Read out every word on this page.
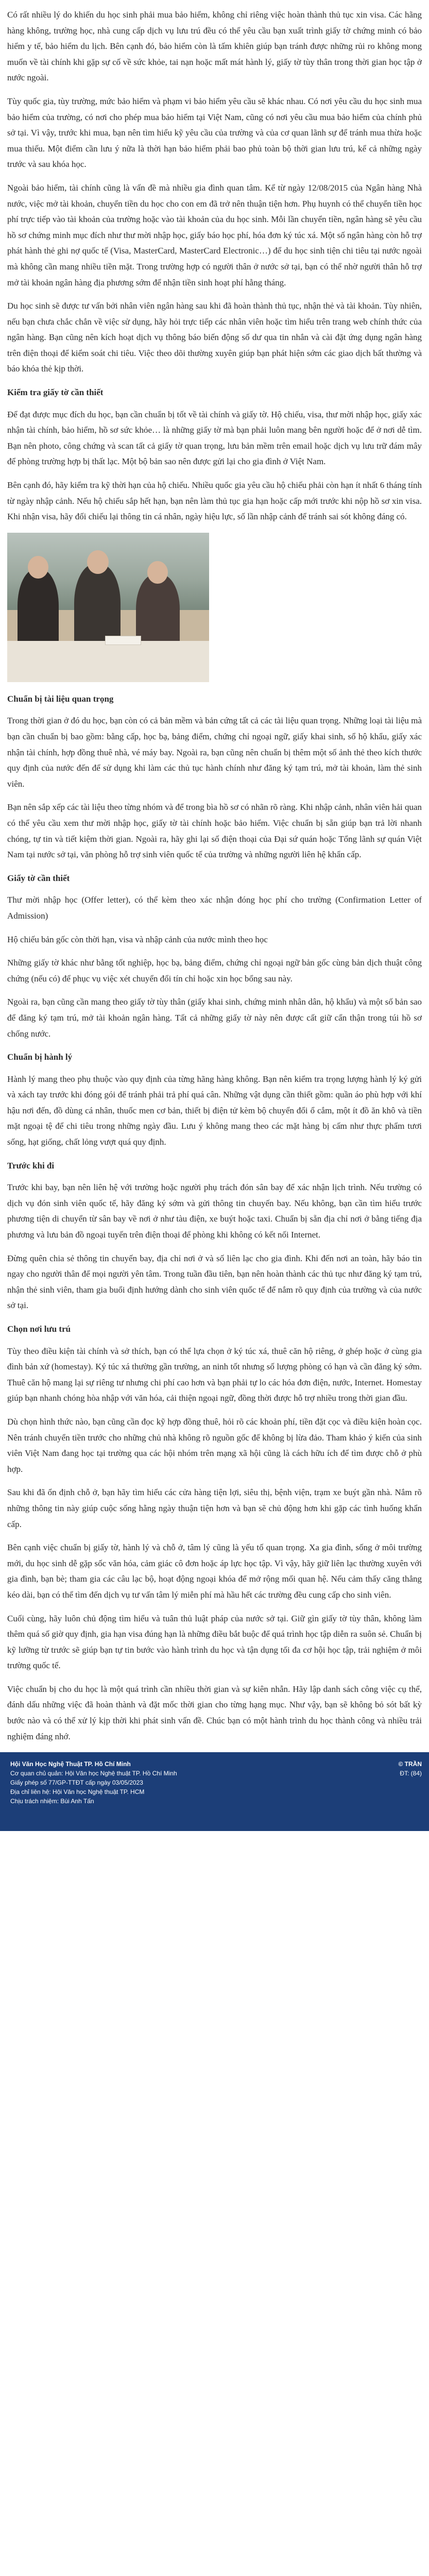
Có rất nhiều lý do khiến du học sinh phải mua bảo hiểm, không chỉ riêng việc hoàn thành thủ tục xin visa. Các hãng hàng không, trường học, nhà cung cấp dịch vụ lưu trú đều có thể yêu cầu bạn xuất trình giấy tờ chứng minh có bảo hiểm y tế, bảo hiểm du lịch. Bên cạnh đó, bảo hiểm còn là tấm khiên giúp bạn tránh được những rủi ro không mong muốn về tài chính khi gặp sự cố về sức khỏe, tai nạn hoặc mất mát hành lý, giấy tờ tùy thân trong thời gian học tập ở nước ngoài.

Tùy quốc gia, tùy trường, mức bảo hiểm và phạm vi bảo hiểm yêu cầu sẽ khác nhau. Có nơi yêu cầu du học sinh mua bảo hiểm của trường, có nơi cho phép mua bảo hiểm tại Việt Nam, cũng có nơi yêu cầu mua bảo hiểm của chính phủ sở tại. Vì vậy, trước khi mua, bạn nên tìm hiểu kỹ yêu cầu của trường và của cơ quan lãnh sự để tránh mua thừa hoặc mua thiếu. Một điểm cần lưu ý nữa là thời hạn bảo hiểm phải bao phủ toàn bộ thời gian lưu trú, kể cả những ngày trước và sau khóa học.

Ngoài bảo hiểm, tài chính cũng là vấn đề mà nhiều gia đình quan tâm. Kể từ ngày 12/08/2015 của Ngân hàng Nhà nước, việc mở tài khoản, chuyển tiền du học cho con em đã trở nên thuận tiện hơn. Phụ huynh có thể chuyển tiền học phí trực tiếp vào tài khoản của trường hoặc vào tài khoản của du học sinh. Mỗi lần chuyển tiền, ngân hàng sẽ yêu cầu hồ sơ chứng minh mục đích như thư mời nhập học, giấy báo học phí, hóa đơn ký túc xá. Một số ngân hàng còn hỗ trợ phát hành thẻ ghi nợ quốc tế (Visa, MasterCard, MasterCard Electronic…) để du học sinh tiện chi tiêu tại nước ngoài mà không cần mang nhiều tiền mặt. Trong trường hợp có người thân ở nước sở tại, bạn có thể nhờ người thân hỗ trợ mở tài khoản ngân hàng địa phương sớm để nhận tiền sinh hoạt phí hằng tháng.

Du học sinh sẽ được tư vấn bởi nhân viên ngân hàng sau khi đã hoàn thành thủ tục, nhận thẻ và tài khoản. Tùy nhiên, nếu bạn chưa chắc chắn về việc sử dụng, hãy hỏi trực tiếp các nhân viên hoặc tìm hiểu trên trang web chính thức của ngân hàng. Bạn cũng nên kích hoạt dịch vụ thông báo biến động số dư qua tin nhắn và cài đặt ứng dụng ngân hàng trên điện thoại để kiểm soát chi tiêu. Việc theo dõi thường xuyên giúp bạn phát hiện sớm các giao dịch bất thường và báo khóa thẻ kịp thời.

Kiểm tra giấy tờ cần thiết

Để đạt được mục đích du học, bạn cần chuẩn bị tốt về tài chính và giấy tờ. Hộ chiếu, visa, thư mời nhập học, giấy xác nhận tài chính, bảo hiểm, hồ sơ sức khỏe… là những giấy tờ mà bạn phải luôn mang bên người hoặc để ở nơi dễ tìm. Bạn nên photo, công chứng và scan tất cả giấy tờ quan trọng, lưu bản mềm trên email hoặc dịch vụ lưu trữ đám mây để phòng trường hợp bị thất lạc. Một bộ bản sao nên được gửi lại cho gia đình ở Việt Nam.

Bên cạnh đó, hãy kiểm tra kỹ thời hạn của hộ chiếu. Nhiều quốc gia yêu cầu hộ chiếu phải còn hạn ít nhất 6 tháng tính từ ngày nhập cảnh. Nếu hộ chiếu sắp hết hạn, bạn nên làm thủ tục gia hạn hoặc cấp mới trước khi nộp hồ sơ xin visa. Khi nhận visa, hãy đối chiếu lại thông tin cá nhân, ngày hiệu lực, số lần nhập cảnh để tránh sai sót không đáng có.

Chuẩn bị tài liệu quan trọng

Trong thời gian ở đó du học, bạn còn có cả bản mềm và bản cứng tất cả các tài liệu quan trọng. Những loại tài liệu mà bạn cần chuẩn bị bao gồm: bằng cấp, học bạ, bảng điểm, chứng chỉ ngoại ngữ, giấy khai sinh, sổ hộ khẩu, giấy xác nhận tài chính, hợp đồng thuê nhà, vé máy bay. Ngoài ra, bạn cũng nên chuẩn bị thêm một số ảnh thẻ theo kích thước quy định của nước đến để sử dụng khi làm các thủ tục hành chính như đăng ký tạm trú, mở tài khoản, làm thẻ sinh viên.

Bạn nên sắp xếp các tài liệu theo từng nhóm và để trong bìa hồ sơ có nhãn rõ ràng. Khi nhập cảnh, nhân viên hải quan có thể yêu cầu xem thư mời nhập học, giấy tờ tài chính hoặc bảo hiểm. Việc chuẩn bị sẵn giúp bạn trả lời nhanh chóng, tự tin và tiết kiệm thời gian. Ngoài ra, hãy ghi lại số điện thoại của Đại sứ quán hoặc Tổng lãnh sự quán Việt Nam tại nước sở tại, văn phòng hỗ trợ sinh viên quốc tế của trường và những người liên hệ khẩn cấp.

Giấy tờ cần thiết

Thư mời nhập học (Offer letter), có thể kèm theo xác nhận đóng học phí cho trường (Confirmation Letter of Admission)

Hộ chiếu bản gốc còn thời hạn, visa và nhập cảnh của nước mình theo học

Những giấy tờ khác như bằng tốt nghiệp, học bạ, bảng điểm, chứng chỉ ngoại ngữ bản gốc cùng bản dịch thuật công chứng (nếu có) để phục vụ việc xét chuyển đổi tín chỉ hoặc xin học bổng sau này.

Ngoài ra, bạn cũng cần mang theo giấy tờ tùy thân (giấy khai sinh, chứng minh nhân dân, hộ khẩu) và một số bản sao để đăng ký tạm trú, mở tài khoản ngân hàng. Tất cả những giấy tờ này nên được cất giữ cẩn thận trong túi hồ sơ chống nước.

Chuẩn bị hành lý

Hành lý mang theo phụ thuộc vào quy định của từng hãng hàng không. Bạn nên kiểm tra trọng lượng hành lý ký gửi và xách tay trước khi đóng gói để tránh phải trả phí quá cân. Những vật dụng cần thiết gồm: quần áo phù hợp với khí hậu nơi đến, đồ dùng cá nhân, thuốc men cơ bản, thiết bị điện tử kèm bộ chuyển đổi ổ cắm, một ít đồ ăn khô và tiền mặt ngoại tệ để chi tiêu trong những ngày đầu. Lưu ý không mang theo các mặt hàng bị cấm như thực phẩm tươi sống, hạt giống, chất lỏng vượt quá quy định.

Trước khi đi

Trước khi bay, bạn nên liên hệ với trường hoặc người phụ trách đón sân bay để xác nhận lịch trình. Nếu trường có dịch vụ đón sinh viên quốc tế, hãy đăng ký sớm và gửi thông tin chuyến bay. Nếu không, bạn cần tìm hiểu trước phương tiện di chuyển từ sân bay về nơi ở như tàu điện, xe buýt hoặc taxi. Chuẩn bị sẵn địa chỉ nơi ở bằng tiếng địa phương và lưu bản đồ ngoại tuyến trên điện thoại để phòng khi không có kết nối Internet.

Đừng quên chia sẻ thông tin chuyến bay, địa chỉ nơi ở và số liên lạc cho gia đình. Khi đến nơi an toàn, hãy báo tin ngay cho người thân để mọi người yên tâm. Trong tuần đầu tiên, bạn nên hoàn thành các thủ tục như đăng ký tạm trú, nhận thẻ sinh viên, tham gia buổi định hướng dành cho sinh viên quốc tế để nắm rõ quy định của trường và của nước sở tại.

Chọn nơi lưu trú

Tùy theo điều kiện tài chính và sở thích, bạn có thể lựa chọn ở ký túc xá, thuê căn hộ riêng, ở ghép hoặc ở cùng gia đình bản xứ (homestay). Ký túc xá thường gần trường, an ninh tốt nhưng số lượng phòng có hạn và cần đăng ký sớm. Thuê căn hộ mang lại sự riêng tư nhưng chi phí cao hơn và bạn phải tự lo các hóa đơn điện, nước, Internet. Homestay giúp bạn nhanh chóng hòa nhập với văn hóa, cải thiện ngoại ngữ, đồng thời được hỗ trợ nhiều trong thời gian đầu.

Dù chọn hình thức nào, bạn cũng cần đọc kỹ hợp đồng thuê, hỏi rõ các khoản phí, tiền đặt cọc và điều kiện hoàn cọc. Nên tránh chuyển tiền trước cho những chủ nhà không rõ nguồn gốc để không bị lừa đảo. Tham khảo ý kiến của sinh viên Việt Nam đang học tại trường qua các hội nhóm trên mạng xã hội cũng là cách hữu ích để tìm được chỗ ở phù hợp.

Sau khi đã ổn định chỗ ở, bạn hãy tìm hiểu các cửa hàng tiện lợi, siêu thị, bệnh viện, trạm xe buýt gần nhà. Nắm rõ những thông tin này giúp cuộc sống hằng ngày thuận tiện hơn và bạn sẽ chủ động hơn khi gặp các tình huống khẩn cấp.

Bên cạnh việc chuẩn bị giấy tờ, hành lý và chỗ ở, tâm lý cũng là yếu tố quan trọng. Xa gia đình, sống ở môi trường mới, du học sinh dễ gặp sốc văn hóa, cảm giác cô đơn hoặc áp lực học tập. Vì vậy, hãy giữ liên lạc thường xuyên với gia đình, bạn bè; tham gia các câu lạc bộ, hoạt động ngoại khóa để mở rộng mối quan hệ. Nếu cảm thấy căng thẳng kéo dài, bạn có thể tìm đến dịch vụ tư vấn tâm lý miễn phí mà hầu hết các trường đều cung cấp cho sinh viên.

Cuối cùng, hãy luôn chủ động tìm hiểu và tuân thủ luật pháp của nước sở tại. Giữ gìn giấy tờ tùy thân, không làm thêm quá số giờ quy định, gia hạn visa đúng hạn là những điều bắt buộc để quá trình học tập diễn ra suôn sẻ. Chuẩn bị kỹ lưỡng từ trước sẽ giúp bạn tự tin bước vào hành trình du học và tận dụng tối đa cơ hội học tập, trải nghiệm ở môi trường quốc tế.

Việc chuẩn bị cho du học là một quá trình cần nhiều thời gian và sự kiên nhẫn. Hãy lập danh sách công việc cụ thể, đánh dấu những việc đã hoàn thành và đặt mốc thời gian cho từng hạng mục. Như vậy, bạn sẽ không bỏ sót bất kỳ bước nào và có thể xử lý kịp thời khi phát sinh vấn đề. Chúc bạn có một hành trình du học thành công và nhiều trải nghiệm đáng nhớ.

Hội Văn Học Nghệ Thuật TP. Hồ Chí Minh
Cơ quan chủ quản: Hội Văn học Nghệ thuật TP. Hồ Chí Minh
Giấy phép số 77/GP-TTĐT cấp ngày 03/05/2023
Địa chỉ liên hệ: Hội Văn học Nghệ thuật TP. HCM
Chịu trách nhiệm: Bùi Anh Tấn
© TRẦN
ĐT: (84)
